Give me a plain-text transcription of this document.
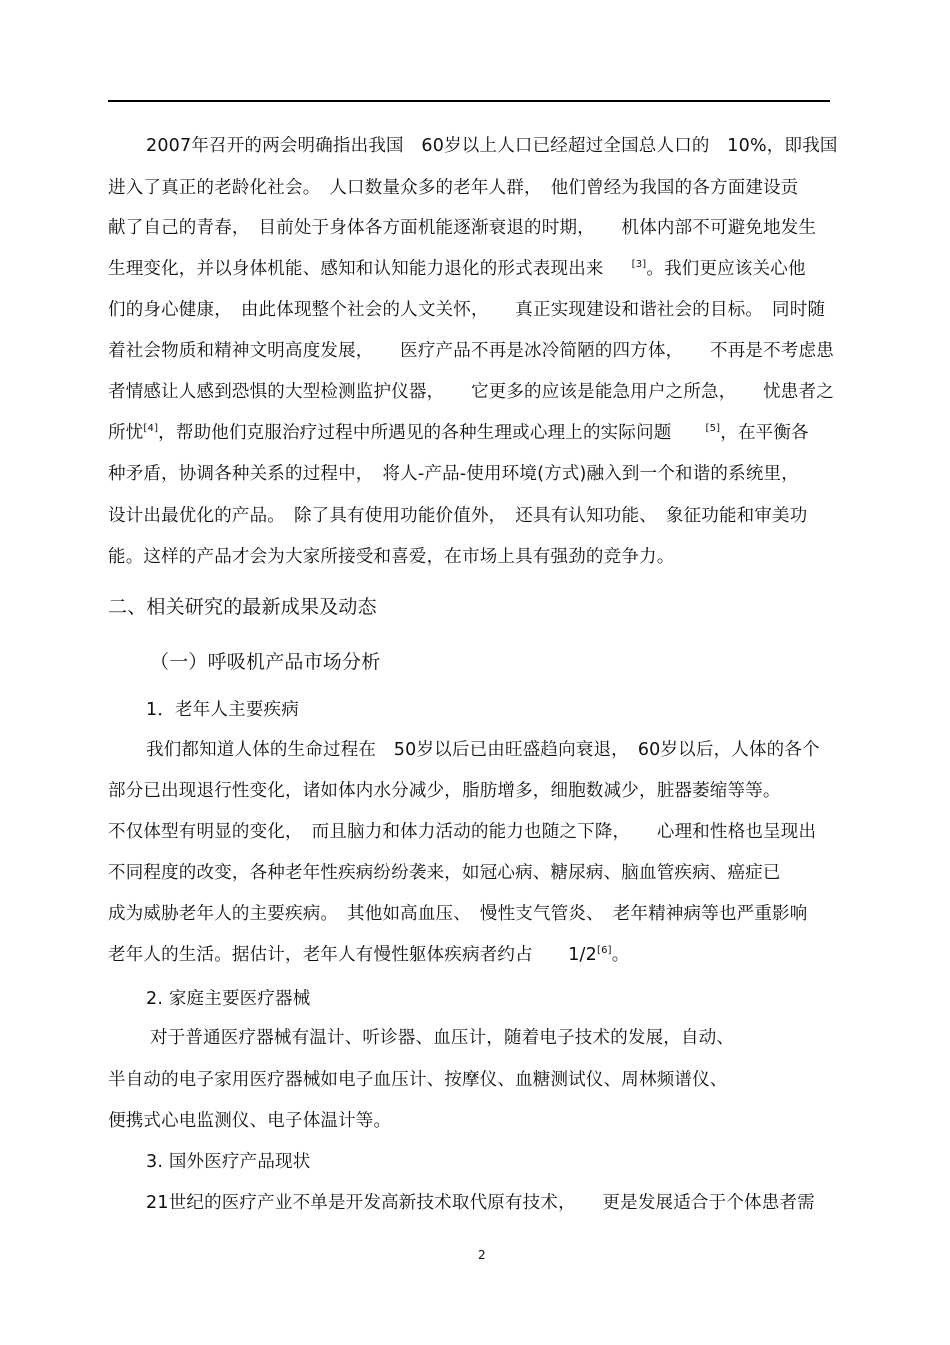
2007年召开的两会明确指出我国　60岁以上人口已经超过全国总人口的　10%，即我国
进入了真正的老龄化社会。　人口数量众多的老年人群，　他们曾经为我国的各方面建设贡
献了自己的青春，　目前处于身体各方面机能逐渐衰退的时期，　　机体内部不可避免地发生
生理变化，并以身体机能、感知和认知能力退化的形式表现出来	[3]。我们更应该关心他
们的身心健康，　由此体现整个社会的人文关怀，　　真正实现建设和谐社会的目标。　同时随
着社会物质和精神文明高度发展，　　医疗产品不再是冰冷简陋的四方体，　　不再是不考虑患
者情感让人感到恐惧的大型检测监护仪器，　　它更多的应该是能急用户之所急，　　忧患者之
所忧[4]，帮助他们克服治疗过程中所遇见的各种生理或心理上的实际问题	[5]，在平衡各
种矛盾，协调各种关系的过程中，　将人-产品-使用环境(方式)融入到一个和谐的系统里，
设计出最优化的产品。　除了具有使用功能价值外，　还具有认知功能、　象征功能和审美功
能。这样的产品才会为大家所接受和喜爱，在市场上具有强劲的竞争力。
二、相关研究的最新成果及动态
（一）呼吸机产品市场分析
1．老年人主要疾病
我们都知道人体的生命过程在　50岁以后已由旺盛趋向衰退，　60岁以后，人体的各个
部分已出现退行性变化，诸如体内水分减少，脂肪增多，细胞数减少，脏器萎缩等等。
不仅体型有明显的变化，　而且脑力和体力活动的能力也随之下降，　　心理和性格也呈现出
不同程度的改变，各种老年性疾病纷纷袭来，如冠心病、糖尿病、脑血管疾病、癌症已
成为威胁老年人的主要疾病。　其他如高血压、　慢性支气管炎、　老年精神病等也严重影响
老年人的生活。据估计，老年人有慢性躯体疾病者约占　　1/2[6]。
2. 家庭主要医疗器械
对于普通医疗器械有温计、听诊器、血压计，随着电子技术的发展，自动、
半自动的电子家用医疗器械如电子血压计、按摩仪、血糖测试仪、周林频谱仪、
便携式心电监测仪、电子体温计等。
3. 国外医疗产品现状
21世纪的医疗产业不单是开发高新技术取代原有技术，　　更是发展适合于个体患者需
2
